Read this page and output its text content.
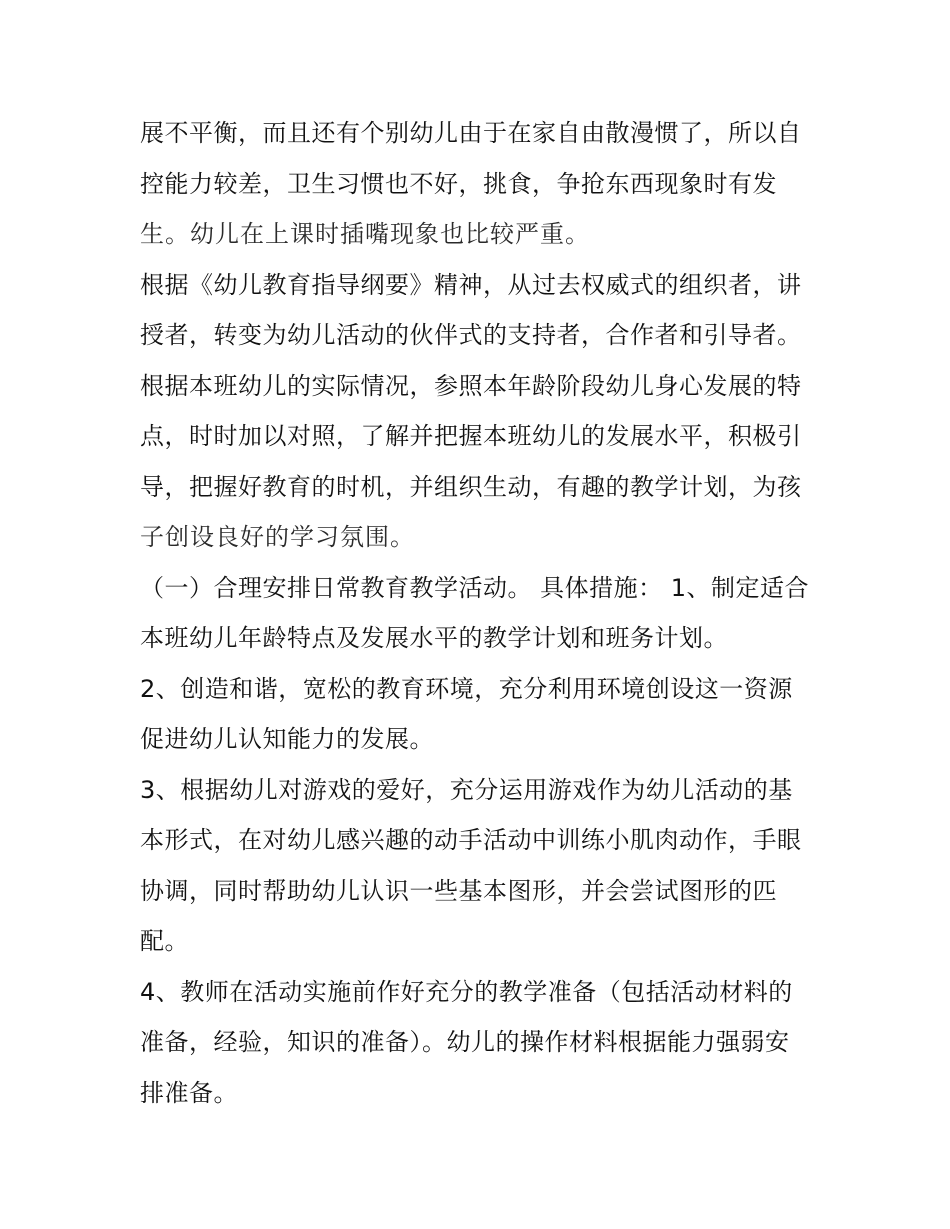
展不平衡，而且还有个别幼儿由于在家自由散漫惯了，所以自
控能力较差，卫生习惯也不好，挑食，争抢东西现象时有发
生。幼儿在上课时插嘴现象也比较严重。
根据《幼儿教育指导纲要》精神，从过去权威式的组织者，讲
授者，转变为幼儿活动的伙伴式的支持者，合作者和引导者。
根据本班幼儿的实际情况，参照本年龄阶段幼儿身心发展的特
点，时时加以对照，了解并把握本班幼儿的发展水平，积极引
导，把握好教育的时机，并组织生动，有趣的教学计划，为孩
子创设良好的学习氛围。
（一）合理安排日常教育教学活动。 具体措施： 1、制定适合
本班幼儿年龄特点及发展水平的教学计划和班务计划。
2、创造和谐，宽松的教育环境，充分利用环境创设这一资源
促进幼儿认知能力的发展。
3、根据幼儿对游戏的爱好，充分运用游戏作为幼儿活动的基
本形式，在对幼儿感兴趣的动手活动中训练小肌肉动作，手眼
协调，同时帮助幼儿认识一些基本图形，并会尝试图形的匹
配。
4、教师在活动实施前作好充分的教学准备（包括活动材料的
准备，经验，知识的准备）。幼儿的操作材料根据能力强弱安
排准备。
